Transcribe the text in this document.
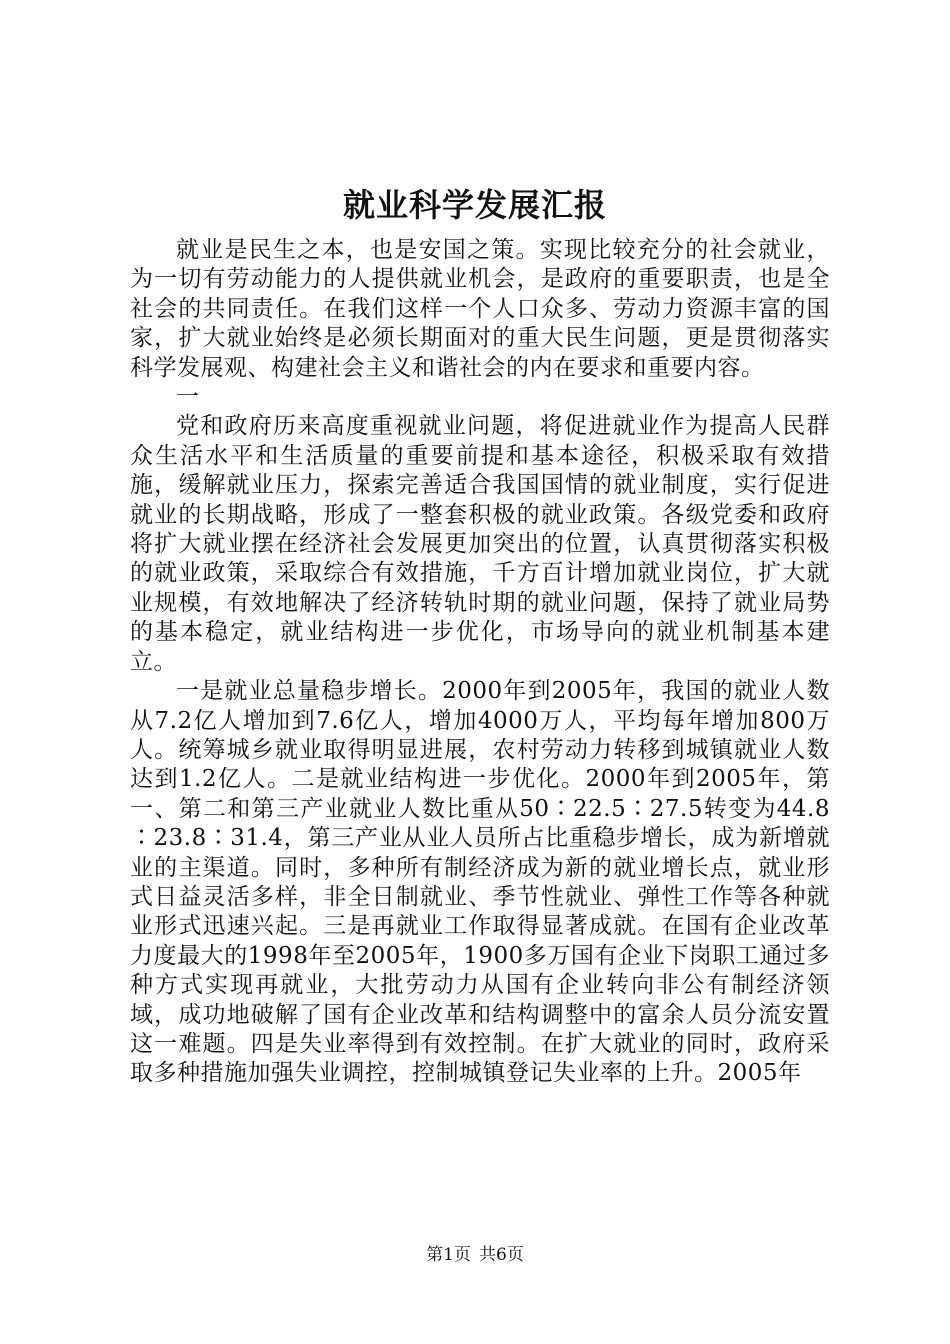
就业科学发展汇报

就业是民生之本，也是安国之策。实现比较充分的社会就业，为一切有劳动能力的人提供就业机会，是政府的重要职责，也是全社会的共同责任。在我们这样一个人口众多、劳动力资源丰富的国家，扩大就业始终是必须长期面对的重大民生问题，更是贯彻落实科学发展观、构建社会主义和谐社会的内在要求和重要内容。

一

党和政府历来高度重视就业问题，将促进就业作为提高人民群众生活水平和生活质量的重要前提和基本途径，积极采取有效措施，缓解就业压力，探索完善适合我国国情的就业制度，实行促进就业的长期战略，形成了一整套积极的就业政策。各级党委和政府将扩大就业摆在经济社会发展更加突出的位置，认真贯彻落实积极的就业政策，采取综合有效措施，千方百计增加就业岗位，扩大就业规模，有效地解决了经济转轨时期的就业问题，保持了就业局势的基本稳定，就业结构进一步优化，市场导向的就业机制基本建立。

一是就业总量稳步增长。2000年到2005年，我国的就业人数从7.2亿人增加到7.6亿人，增加4000万人，平均每年增加800万人。统筹城乡就业取得明显进展，农村劳动力转移到城镇就业人数达到1.2亿人。二是就业结构进一步优化。2000年到2005年，第一、第二和第三产业就业人数比重从50∶22.5∶27.5转变为44.8∶23.8∶31.4，第三产业从业人员所占比重稳步增长，成为新增就业的主渠道。同时，多种所有制经济成为新的就业增长点，就业形式日益灵活多样，非全日制就业、季节性就业、弹性工作等各种就业形式迅速兴起。三是再就业工作取得显著成就。在国有企业改革力度最大的1998年至2005年，1900多万国有企业下岗职工通过多种方式实现再就业，大批劳动力从国有企业转向非公有制经济领域，成功地破解了国有企业改革和结构调整中的富余人员分流安置这一难题。四是失业率得到有效控制。在扩大就业的同时，政府采取多种措施加强失业调控，控制城镇登记失业率的上升。2005年

第1页 共6页
